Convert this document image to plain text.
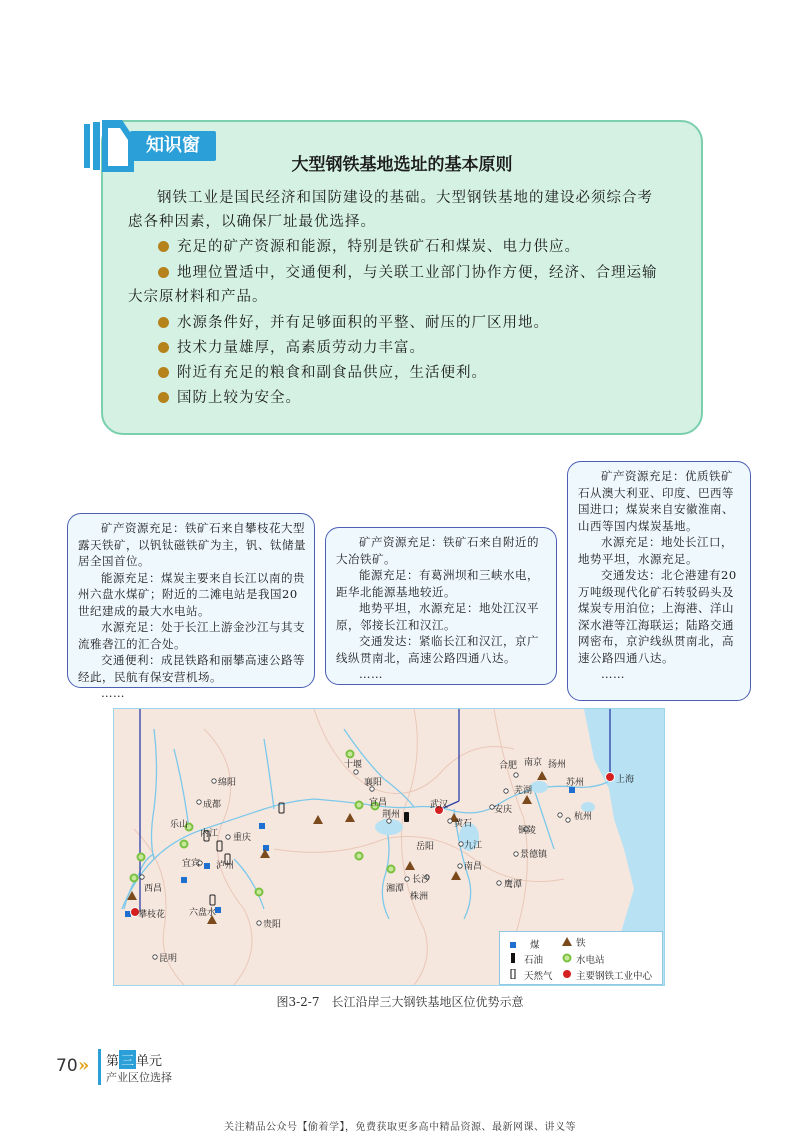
知识窗
大型钢铁基地选址的基本原则
钢铁工业是国民经济和国防建设的基础。大型钢铁基地的建设必须综合考
虑各种因素，以确保厂址最优选择。
充足的矿产资源和能源，特别是铁矿石和煤炭、电力供应。
地理位置适中，交通便利，与关联工业部门协作方便，经济、合理运输
大宗原材料和产品。
水源条件好，并有足够面积的平整、耐压的厂区用地。
技术力量雄厚，高素质劳动力丰富。
附近有充足的粮食和副食品供应，生活便利。
国防上较为安全。

矿产资源充足：铁矿石来自攀枝花大型露天铁矿，以钒钛磁铁矿为主，钒、钛储量居全国首位。

能源充足：煤炭主要来自长江以南的贵州六盘水煤矿；附近的二滩电站是我国20世纪建成的最大水电站。

水源充足：处于长江上游金沙江与其支流雅砻江的汇合处。

交通便利：成昆铁路和丽攀高速公路等经此，民航有保安营机场。

……

矿产资源充足：铁矿石来自附近的大冶铁矿。

能源充足：有葛洲坝和三峡水电，距华北能源基地较近。

地势平坦，水源充足：地处江汉平原，邻接长江和汉江。

交通发达：紧临长江和汉江，京广线纵贯南北，高速公路四通八达。

……

矿产资源充足：优质铁矿石从澳大利亚、印度、巴西等国进口；煤炭来自安徽淮南、山西等国内煤炭基地。

水源充足：地处长江口，地势平坦，水源充足。

交通发达：北仑港建有20万吨级现代化矿石转驳码头及煤炭专用泊位；上海港、洋山深水港等江海联运；陆路交通网密布，京沪线纵贯南北，高速公路四通八达。

……

十堰
襄阳
南京 扬州
合肥
芜湖
苏州	上海
绵阳
成都	宜昌
荆州
武汉
黄石
安庆
铜陵
杭州
乐山
内江 重庆
岳阳	九江
景德镇
宜宾 泸州	南昌
长沙
湘潭
株洲
鹰潭
西昌
攀枝花	六盘水
贵阳
昆明
煤	铁
石油	水电站
天然气	主要钢铁工业中心
图3-2-7　长江沿岸三大钢铁基地区位优势示意
70 » 第 三 单元
产业区位选择
关注精品公众号【偷着学】，免费获取更多高中精品资源、最新网课、讲义等
